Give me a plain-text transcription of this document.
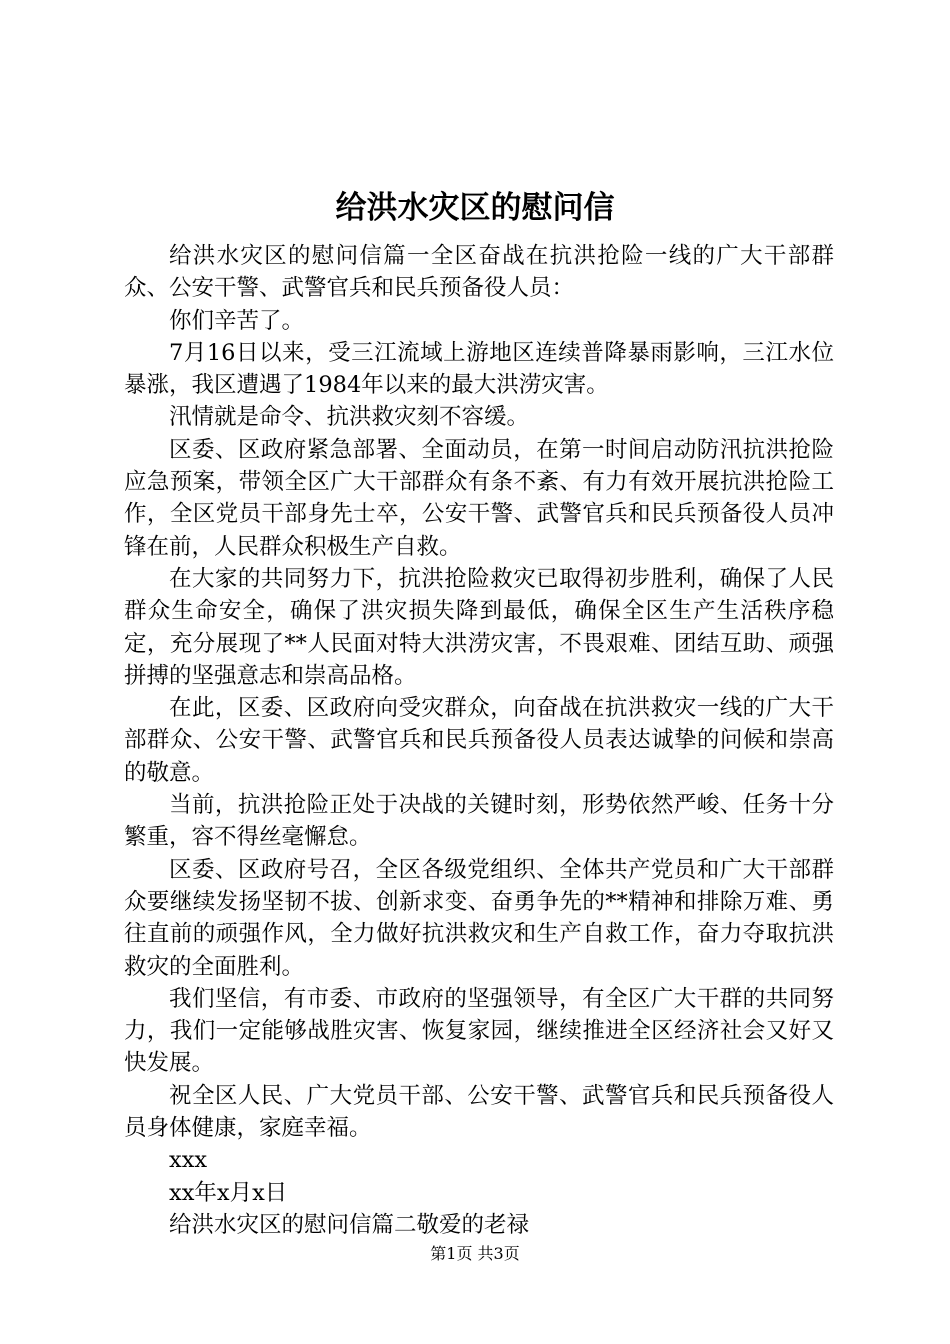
给洪水灾区的慰问信

给洪水灾区的慰问信篇一全区奋战在抗洪抢险一线的广大干部群众、公安干警、武警官兵和民兵预备役人员：

你们辛苦了。

7月16日以来，受三江流域上游地区连续普降暴雨影响，三江水位暴涨，我区遭遇了1984年以来的最大洪涝灾害。

汛情就是命令、抗洪救灾刻不容缓。

区委、区政府紧急部署、全面动员，在第一时间启动防汛抗洪抢险应急预案，带领全区广大干部群众有条不紊、有力有效开展抗洪抢险工作，全区党员干部身先士卒，公安干警、武警官兵和民兵预备役人员冲锋在前，人民群众积极生产自救。

在大家的共同努力下，抗洪抢险救灾已取得初步胜利，确保了人民群众生命安全，确保了洪灾损失降到最低，确保全区生产生活秩序稳定，充分展现了**人民面对特大洪涝灾害，不畏艰难、团结互助、顽强拼搏的坚强意志和崇高品格。

在此，区委、区政府向受灾群众，向奋战在抗洪救灾一线的广大干部群众、公安干警、武警官兵和民兵预备役人员表达诚挚的问候和崇高的敬意。

当前，抗洪抢险正处于决战的关键时刻，形势依然严峻、任务十分繁重，容不得丝毫懈怠。

区委、区政府号召，全区各级党组织、全体共产党员和广大干部群众要继续发扬坚韧不拔、创新求变、奋勇争先的**精神和排除万难、勇往直前的顽强作风，全力做好抗洪救灾和生产自救工作，奋力夺取抗洪救灾的全面胜利。

我们坚信，有市委、市政府的坚强领导，有全区广大干群的共同努力，我们一定能够战胜灾害、恢复家园，继续推进全区经济社会又好又快发展。

祝全区人民、广大党员干部、公安干警、武警官兵和民兵预备役人员身体健康，家庭幸福。

xxx

xx年x月x日

给洪水灾区的慰问信篇二敬爱的老禄

第1页 共3页
